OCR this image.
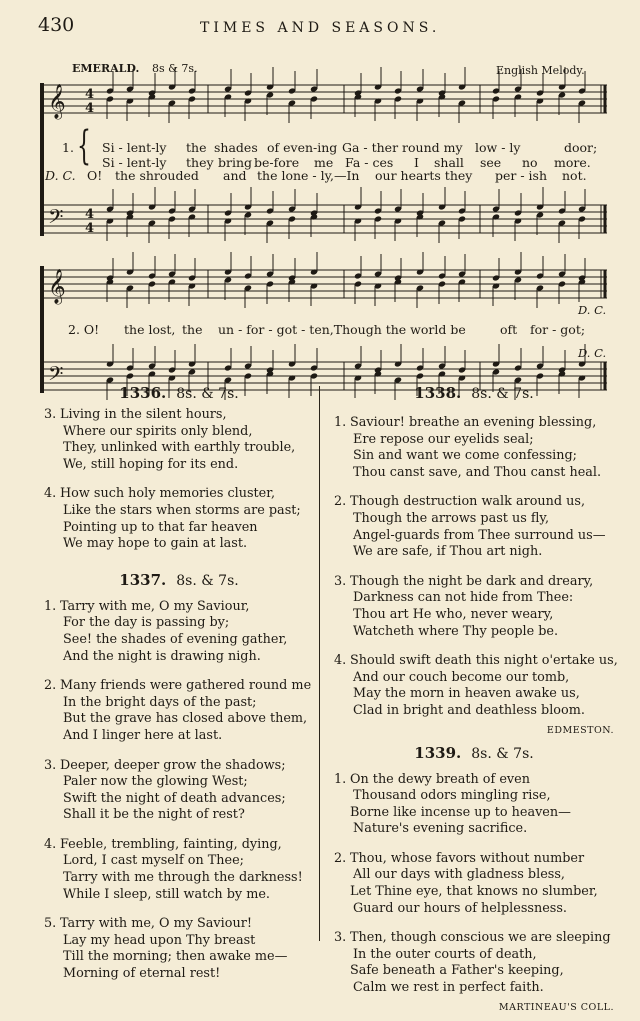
430	TIMES AND SEASONS.
EMERALD. 8s & 7s.	English Melody.
𝄞
𝄢
𝄞
𝄢
4
4
4
4
{
1. Si - lent-ly the shades of even-ing Ga - ther round my low - ly	door;
Si - lent-ly they bring be-fore me Fa - ces I shall see no more.
D. C. O! the shrouded and the lone - ly,—In our hearts they per - ish not.
2. O! the lost, the un - for - got - ten,Though the world be	oft for - got;
D. C.
D. C.
3. Living in the silent hours,
Where our spirits only blend,
They, unlinked with earthly trouble,
We, still hoping for its end.
4. How such holy memories cluster,
Like the stars when storms are past;
Pointing up to that far heaven
We may hope to gain at last.
1337. 8s. & 7s.
1. Tarry with me, O my Saviour,
For the day is passing by;
See! the shades of evening gather,
And the night is drawing nigh.
2. Many friends were gathered round me
In the bright days of the past;
But the grave has closed above them,
And I linger here at last.
3. Deeper, deeper grow the shadows;
Paler now the glowing West;
Swift the night of death advances;
Shall it be the night of rest?
4. Feeble, trembling, fainting, dying,
Lord, I cast myself on Thee;
Tarry with me through the darkness!
While I sleep, still watch by me.
5. Tarry with me, O my Saviour!
Lay my head upon Thy breast
Till the morning; then awake me—
Morning of eternal rest!
1336. 8s. & 7s.	1338. 8s. & 7s.
1. Saviour! breathe an evening blessing,
Ere repose our eyelids seal;
Sin and want we come confessing;
Thou canst save, and Thou canst heal.
2. Though destruction walk around us,
Though the arrows past us fly,
Angel-guards from Thee surround us—
We are safe, if Thou art nigh.
3. Though the night be dark and dreary,
Darkness can not hide from Thee:
Thou art He who, never weary,
Watcheth where Thy people be.
4. Should swift death this night o'ertake us,
And our couch become our tomb,
May the morn in heaven awake us,
Clad in bright and deathless bloom.
EDMESTON.
1339. 8s. & 7s.
1. On the dewy breath of even
Thousand odors mingling rise,
Borne like incense up to heaven—
Nature's evening sacrifice.
2. Thou, whose favors without number
All our days with gladness bless,
Let Thine eye, that knows no slumber,
Guard our hours of helplessness.
3. Then, though conscious we are sleeping
In the outer courts of death,
Safe beneath a Father's keeping,
Calm we rest in perfect faith.
MARTINEAU'S COLL.
